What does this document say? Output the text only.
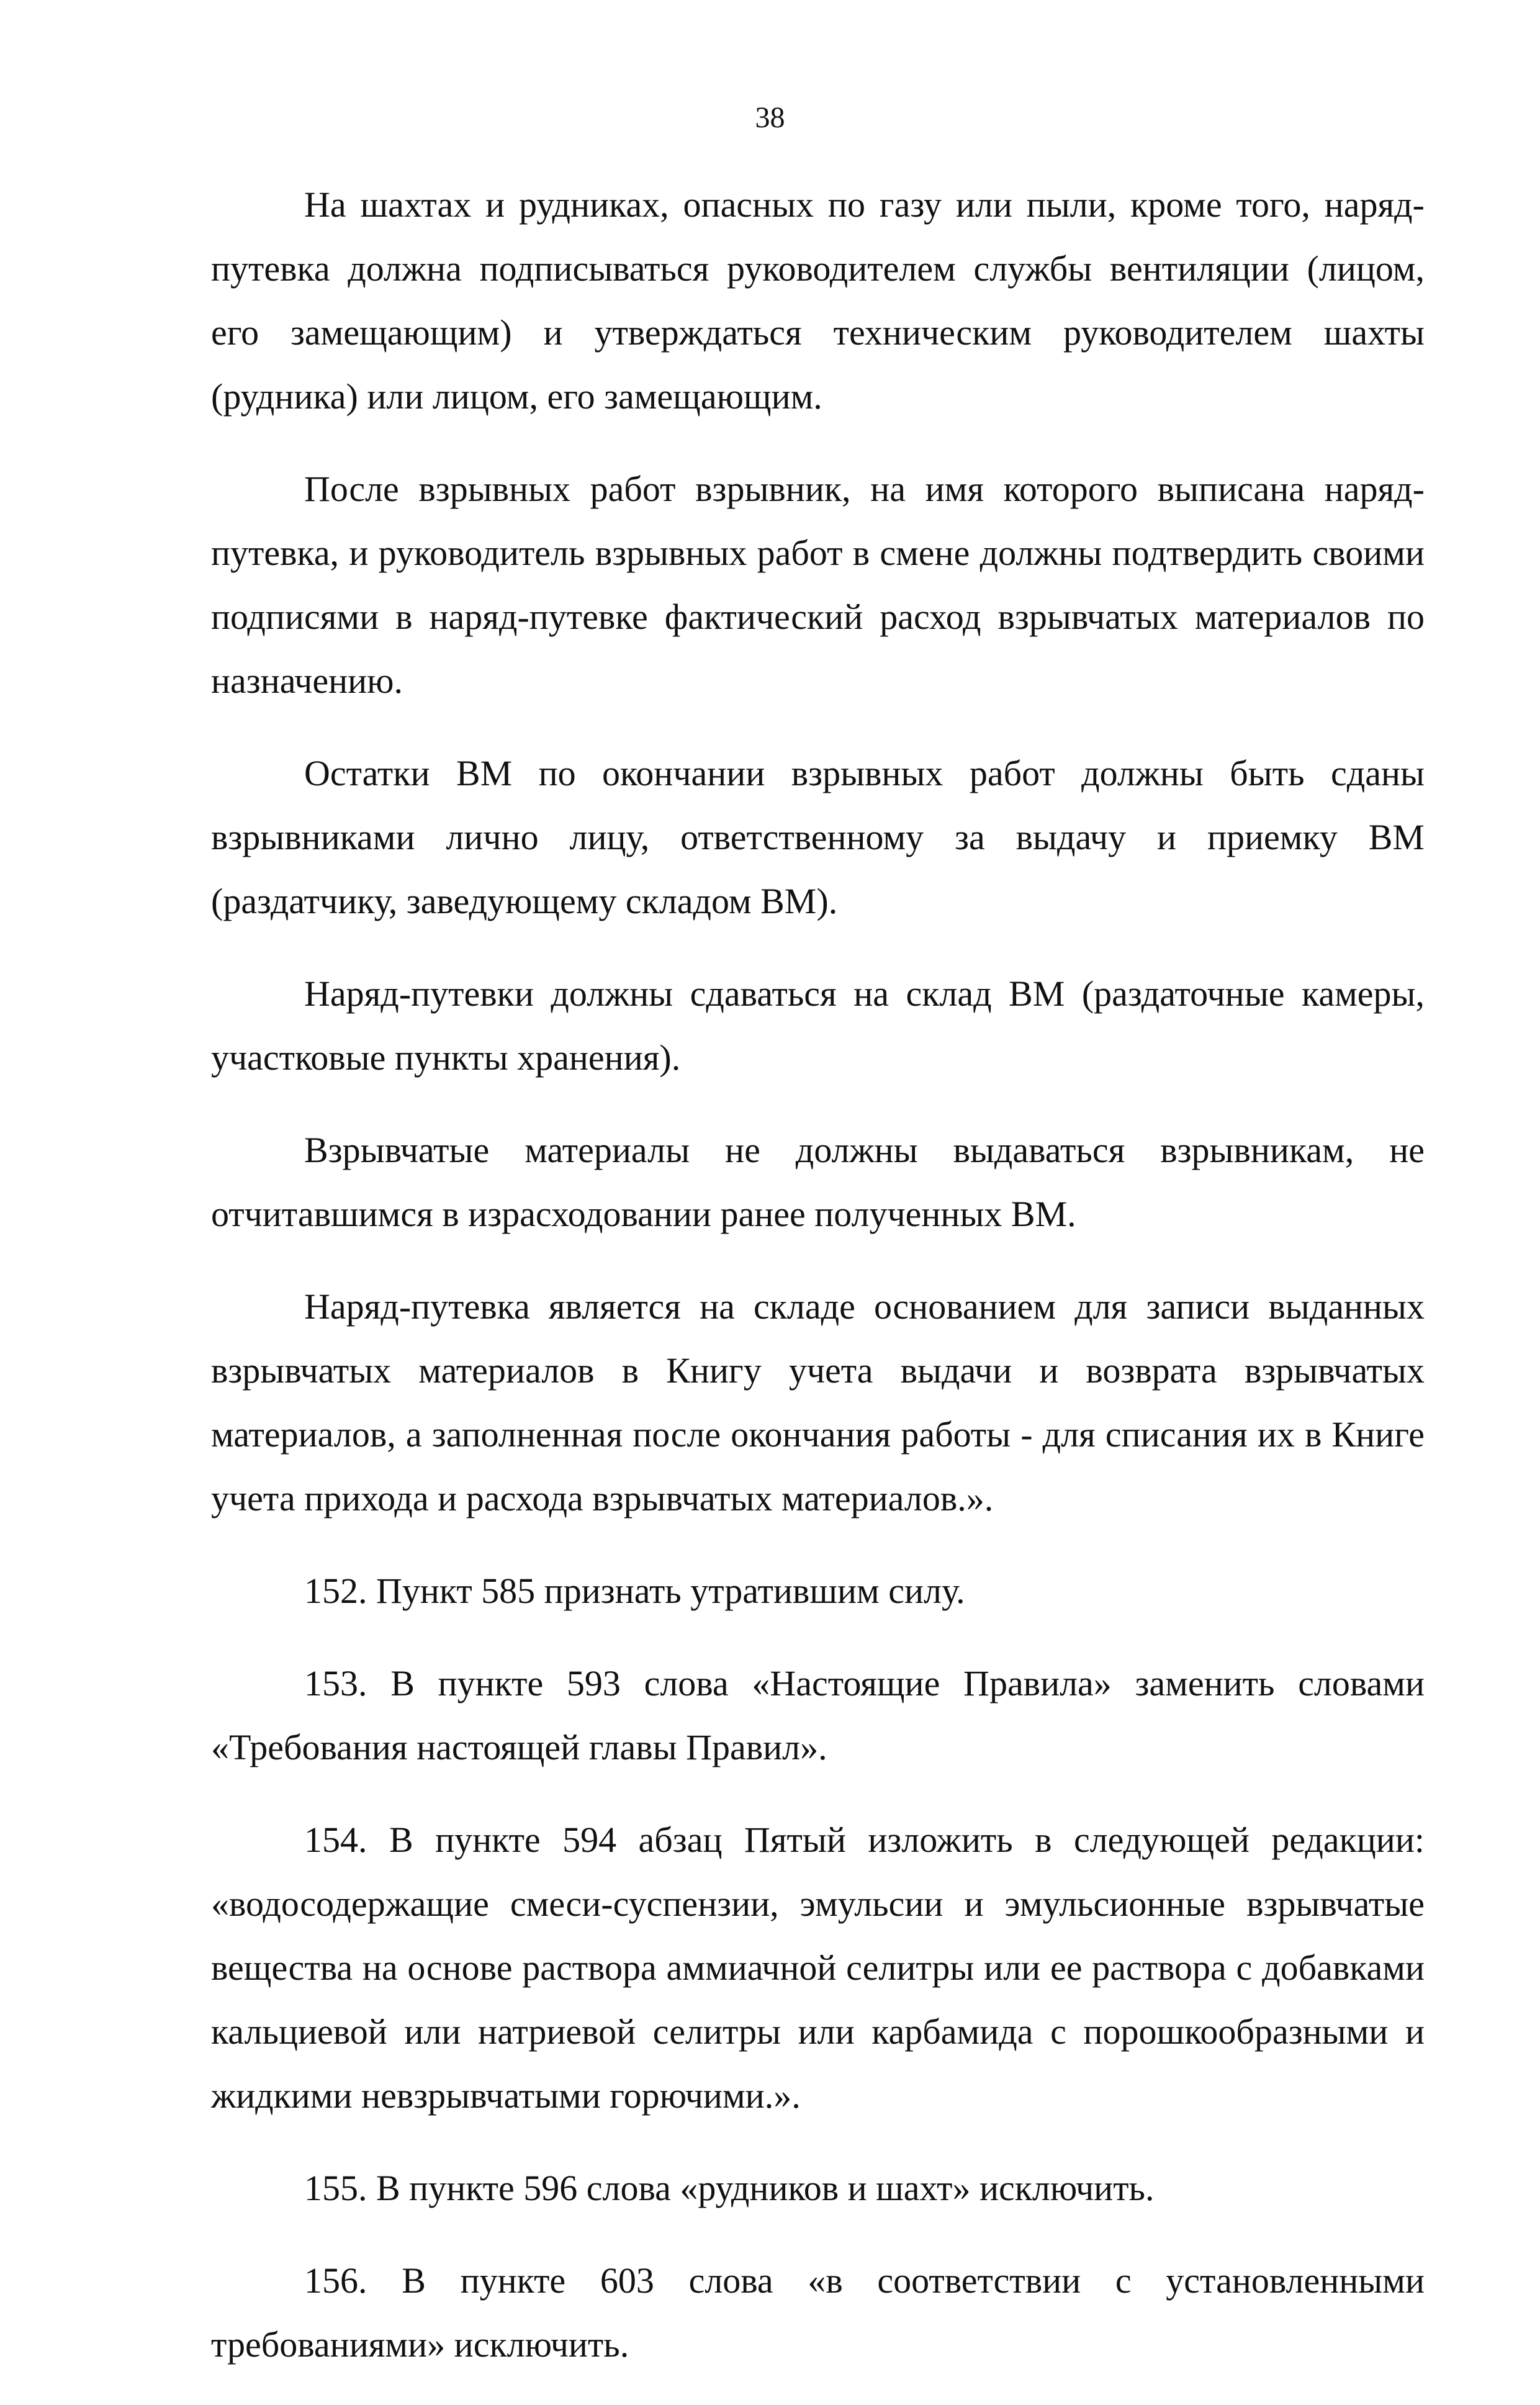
38

На шахтах и рудниках, опасных по газу или пыли, кроме того, наряд-путевка должна подписываться руководителем службы вентиляции (лицом, его замещающим) и утверждаться техническим руководителем шахты (рудника) или лицом, его замещающим.

После взрывных работ взрывник, на имя которого выписана наряд-путевка, и руководитель взрывных работ в смене должны подтвердить своими подписями в наряд-путевке фактический расход взрывчатых материалов по назначению.

Остатки ВМ по окончании взрывных работ должны быть сданы взрывниками лично лицу, ответственному за выдачу и приемку ВМ (раздатчику, заведующему складом ВМ).

Наряд-путевки должны сдаваться на склад ВМ (раздаточные камеры, участковые пункты хранения).

Взрывчатые материалы не должны выдаваться взрывникам, не отчитавшимся в израсходовании ранее полученных ВМ.

Наряд-путевка является на складе основанием для записи выданных взрывчатых материалов в Книгу учета выдачи и возврата взрывчатых материалов, а заполненная после окончания работы - для списания их в Книге учета прихода и расхода взрывчатых материалов.».

152. Пункт 585 признать утратившим силу.

153. В пункте 593 слова «Настоящие Правила» заменить словами «Требования настоящей главы Правил».

154. В пункте 594 абзац Пятый изложить в следующей редакции: «водосодержащие смеси-суспензии, эмульсии и эмульсионные взрывчатые вещества на основе раствора аммиачной селитры или ее раствора с добавками кальциевой или натриевой селитры или карбамида с порошкообразными и жидкими невзрывчатыми горючими.».

155. В пункте 596 слова «рудников и шахт» исключить.

156. В пункте 603 слова «в соответствии с установленными требованиями» исключить.
